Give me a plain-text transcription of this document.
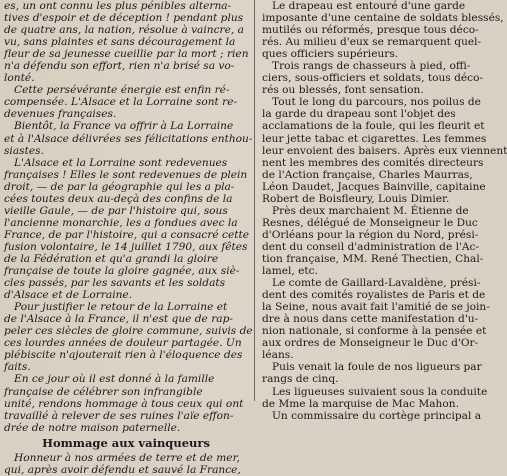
es, un ont connu les plus pénibles alterna-
tives d'espoir et de déception ! pendant plus
de quatre ans, la nation, résolue à vaincre, a
vu, sans plaintes et sans découragement la
fleur de sa jeunesse cueillie par la mort ; rien
n'a défendu son effort, rien n'a brisé sa vo-
lonté.
Cette persévérante énergie est enfin ré-
compensée. L'Alsace et la Lorraine sont re-
devenues françaises.
Bientôt, la France va offrir à La Lorraine
et à l'Alsace délivrées ses félicitations enthou-
siastes.
L'Alsace et la Lorraine sont redevenues
françaises ! Elles le sont redevenues de plein
droit, — de par la géographie qui les a pla-
cées toutes deux au-deçà des confins de la
vieille Gaule, — de par l'histoire qui, sous
l'ancienne monarchie, les a fondues avec la
France, de par l'histoire, qui a consacré cette
fusion volontaire, le 14 juillet 1790, aux fêtes
de la Fédération et qu'a grandi la gloire
française de toute la gloire gagnée, aux siè-
cles passés, par les savants et les soldats
d'Alsace et de Lorraine.
Pour justifier le retour de la Lorraine et
de l'Alsace à la France, il n'est que de rap-
peler ces siècles de gloire commune, suivis de
ces lourdes années de douleur partagée. Un
plébiscite n'ajouterait rien à l'éloquence des
faits.
En ce jour où il est donné à la famille
française de célébrer son infrangible
unité, rendons hommage à tous ceux qui ont
travaillé à relever de ses ruines l'aïe effon-
drée de notre maison paternelle.
Hommage aux vainqueurs
Honneur à nos armées de terre et de mer,
qui, après avoir défendu et sauvé la France,
Le drapeau est entouré d'une garde
imposante d'une centaine de soldats blessés,
mutilés ou réformés, presque tous déco-
rés. Au milieu d'eux se remarquent quel-
ques officiers supérieurs.
Trois rangs de chasseurs à pied, offi-
ciers, sous-officiers et soldats, tous déco-
rés ou blessés, font sensation.
Tout le long du parcours, nos poilus de
la garde du drapeau sont l'objet des
acclamations de la foule, qui les fleurit et
leur jette tabac et cigarettes. Les femmes
leur envoient des baisers. Après eux viennent
nent les membres des comités directeurs
de l'Action française, Charles Maurras,
Léon Daudet, Jacques Bainville, capitaine
Robert de Boisfleury, Louis Dimier.
Près deux marchaient M. Étienne de
Resnes, délégué de Monseigneur le Duc
d'Orléans pour la région du Nord, prési-
dent du conseil d'administration de l'Ac-
tion française, MM. René Thectien, Chal-
lamel, etc.
Le comte de Gaillard-Lavaldène, prési-
dent des comités royalistes de Paris et de
la Seine, nous avait fait l'amitié de se join-
dre à nous dans cette manifestation d'u-
nion nationale, si conforme à la pensée et
aux ordres de Monseigneur le Duc d'Or-
léans.
Puis venait la foule de nos ligueurs par
rangs de cinq.
Les ligueuses suivaient sous la conduite
de Mme la marquise de Mac Mahon.
Un commissaire du cortège principal a
